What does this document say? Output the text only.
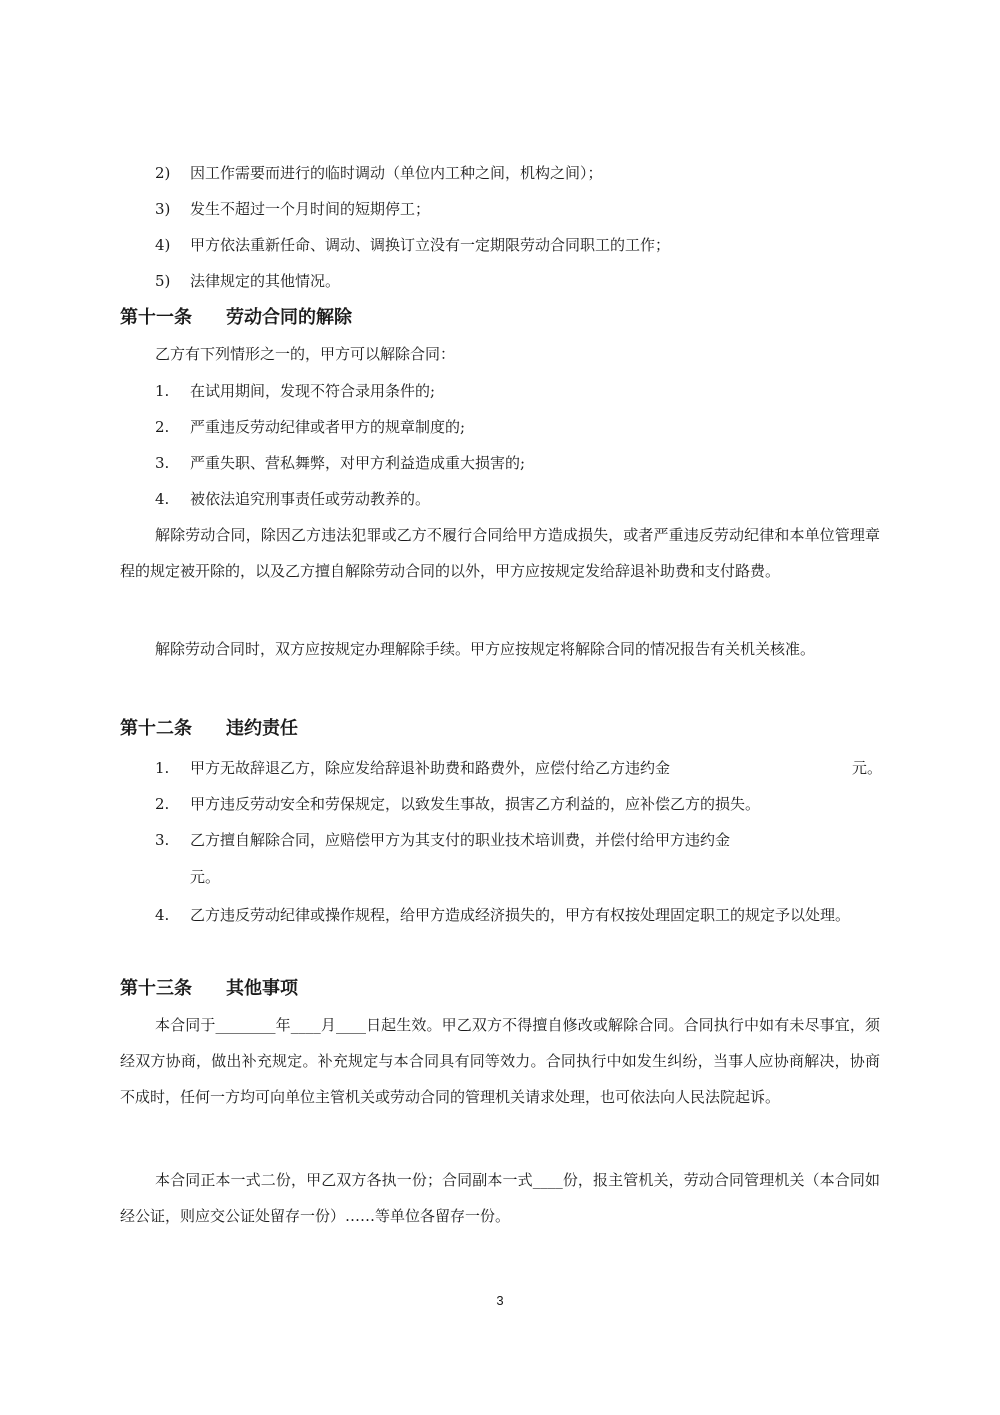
2) 因工作需要而进行的临时调动（单位内工种之间，机构之间）；
3) 发生不超过一个月时间的短期停工；
4) 甲方依法重新任命、调动、调换订立没有一定期限劳动合同职工的工作；
5) 法律规定的其他情况。
第十一条 劳动合同的解除
乙方有下列情形之一的，甲方可以解除合同：
1. 在试用期间，发现不符合录用条件的;
2. 严重违反劳动纪律或者甲方的规章制度的;
3. 严重失职、营私舞弊，对甲方利益造成重大损害的;
4. 被依法追究刑事责任或劳动教养的。
解除劳动合同，除因乙方违法犯罪或乙方不履行合同给甲方造成损失，或者严重违反劳动纪律和本单位管理章程的规定被开除的，以及乙方擅自解除劳动合同的以外，甲方应按规定发给辞退补助费和支付路费。
解除劳动合同时，双方应按规定办理解除手续。甲方应按规定将解除合同的情况报告有关机关核准。
第十二条 违约责任
1. 甲方无故辞退乙方，除应发给辞退补助费和路费外，应偿付给乙方违约金	元。
2. 甲方违反劳动安全和劳保规定，以致发生事故，损害乙方利益的，应补偿乙方的损失。
3. 乙方擅自解除合同，应赔偿甲方为其支付的职业技术培训费，并偿付给甲方违约金
元。
4. 乙方违反劳动纪律或操作规程，给甲方造成经济损失的，甲方有权按处理固定职工的规定予以处理。
第十三条 其他事项
本合同于________年____月____日起生效。甲乙双方不得擅自修改或解除合同。合同执行中如有未尽事宜，须经双方协商，做出补充规定。补充规定与本合同具有同等效力。合同执行中如发生纠纷，当事人应协商解决，协商不成时，任何一方均可向单位主管机关或劳动合同的管理机关请求处理，也可依法向人民法院起诉。
本合同正本一式二份，甲乙双方各执一份；合同副本一式____份，报主管机关，劳动合同管理机关（本合同如经公证，则应交公证处留存一份）……等单位各留存一份。
3
